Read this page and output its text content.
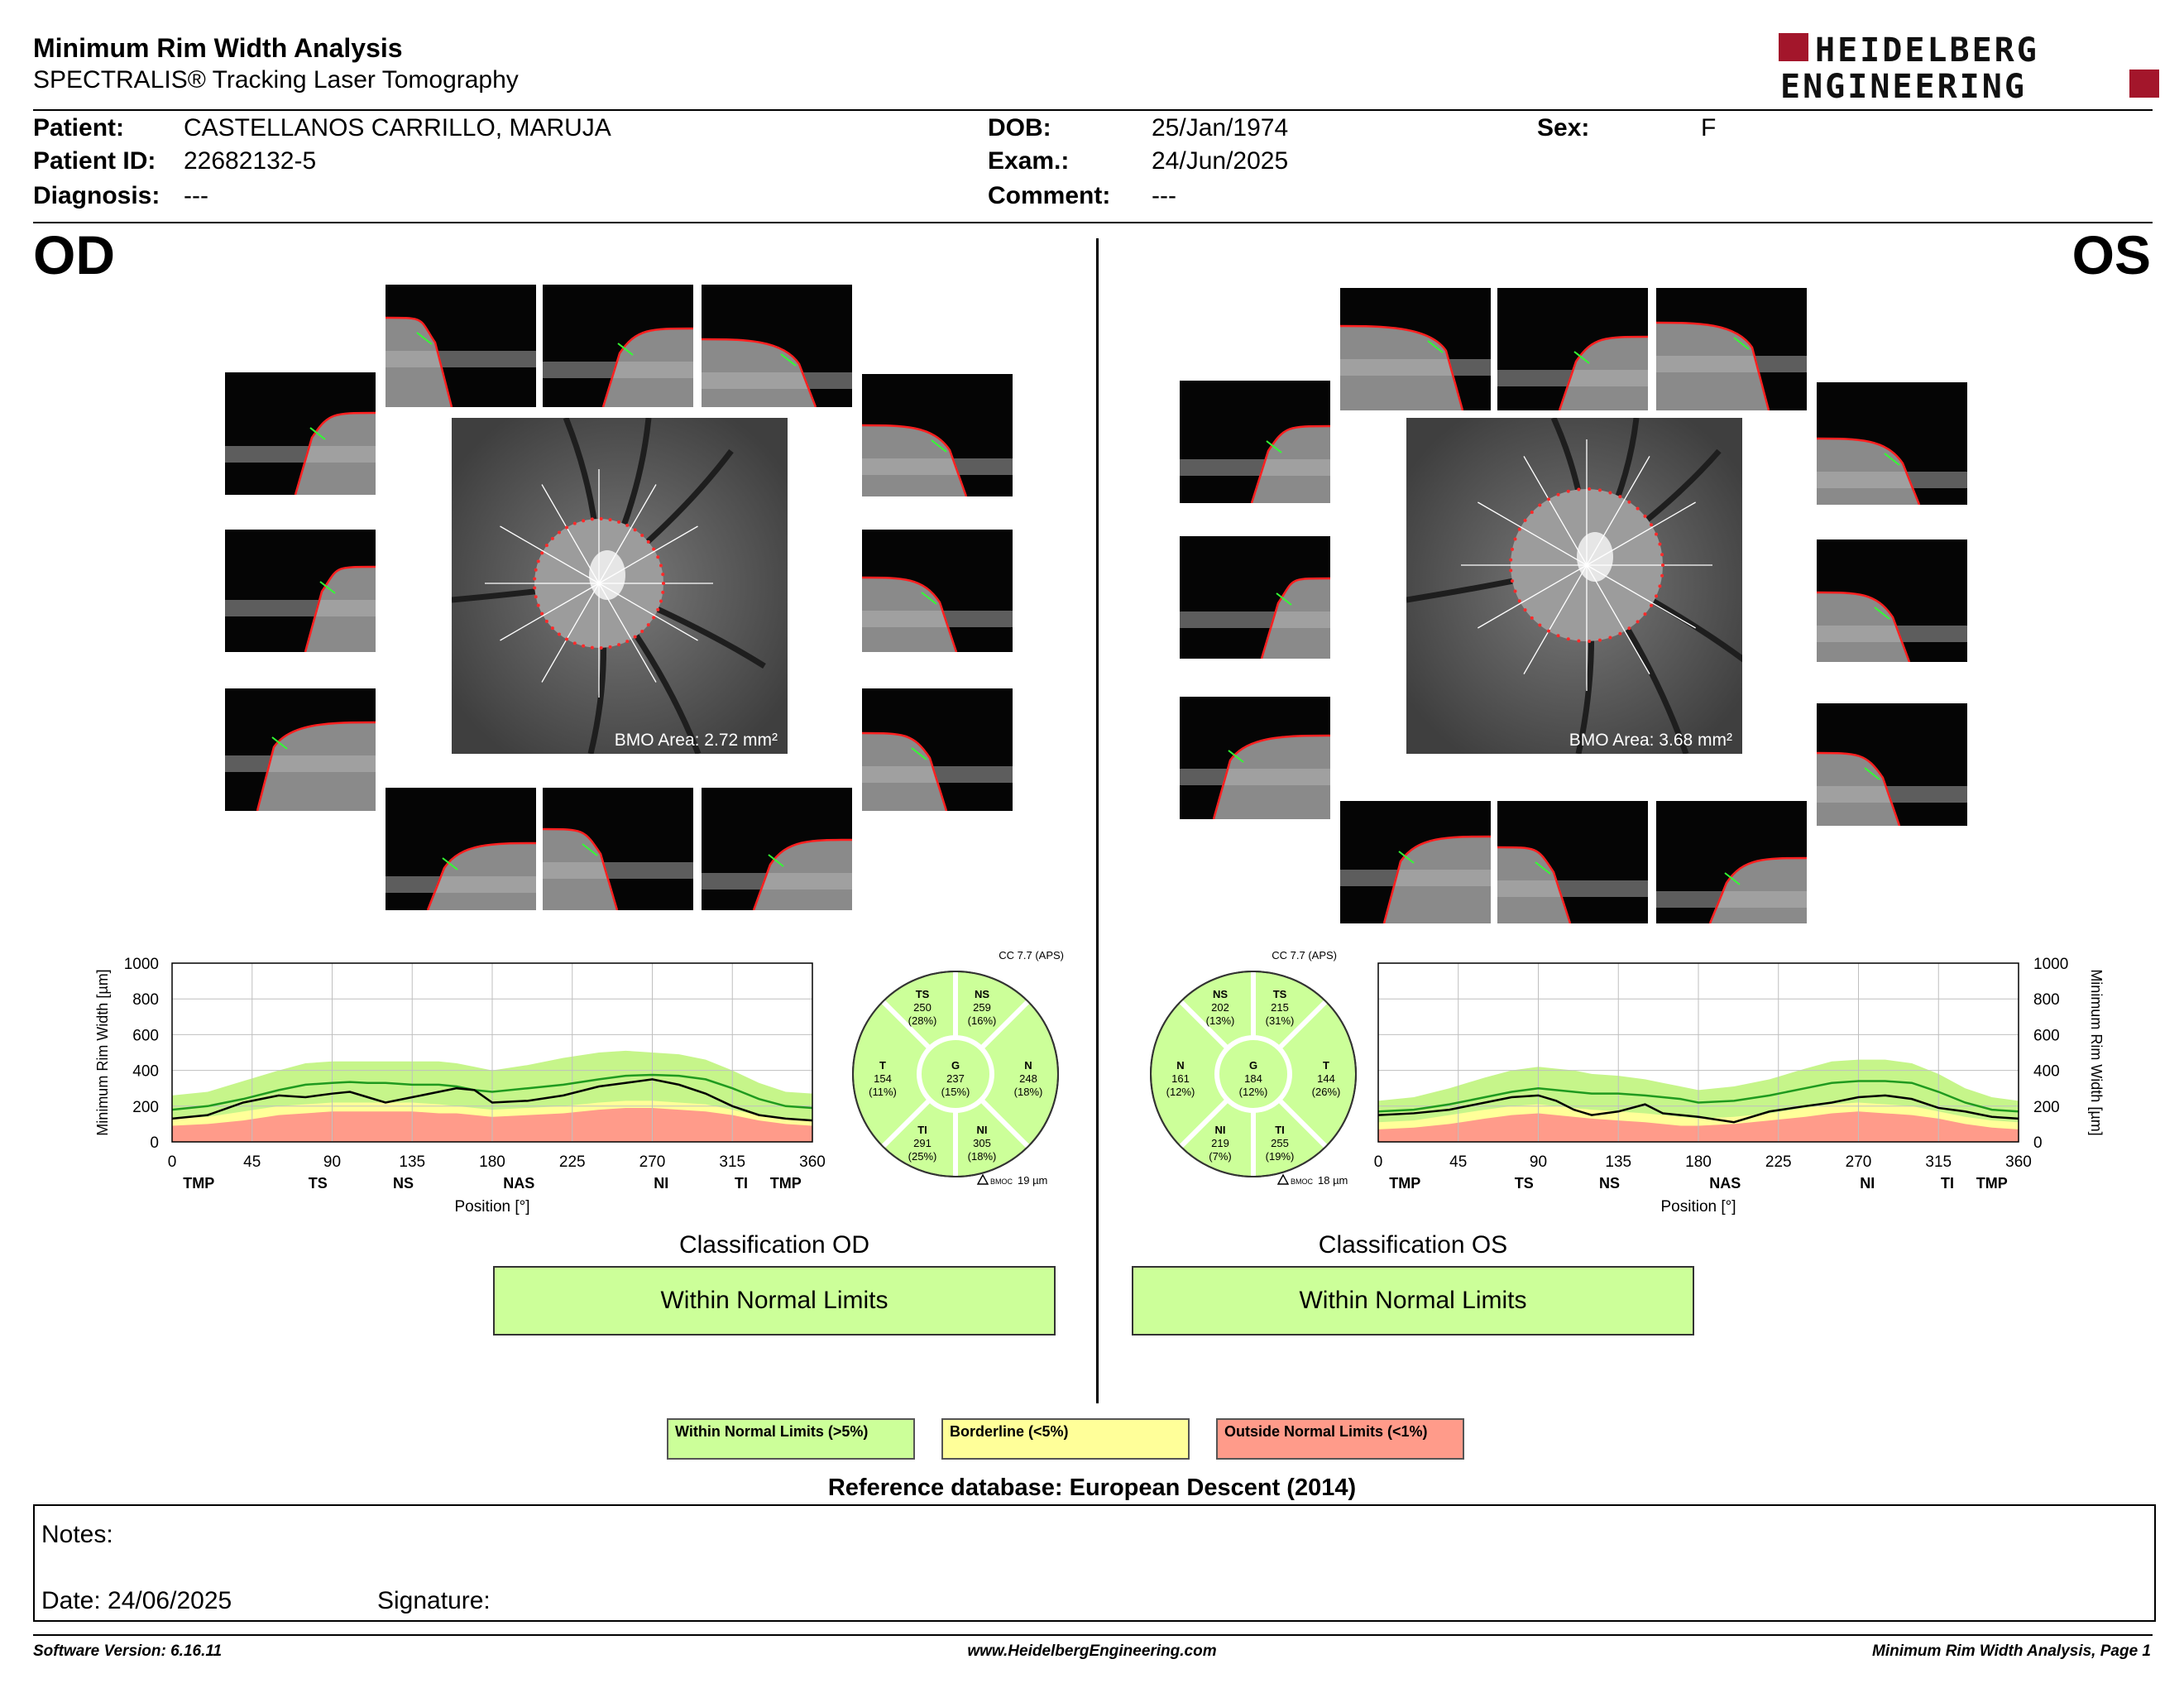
Minimum Rim Width Analysis
SPECTRALIS® Tracking Laser Tomography
HEIDELBERG
ENGINEERING
Patient: CASTELLANOS CARRILLO, MARUJA
Patient ID: 22682132-5
Diagnosis: ---
DOB:	25/Jan/1974
Exam.:	24/Jun/2025
Comment: ---
Sex:	F
OD	OS
BMO Area: 2.72 mm²	BMO Area: 3.68 mm²
0	45	90	135	180	225	270	315	360
0
200
400
600
800
1000
TMP	TS	NS	NAS	NI	TI TMP
Position [°]
Minimum Rim Width [µm]
0	45	90	135	180	225	270	315	360
0
200
400
600
800
1000
TMP	TS	NS	NAS	NI	TI TMP
Position [°]
Minimum Rim Width [µm]
TS
250
(28%)
NS
259
(16%)
T
154
(11%)
G
237
(15%)
N
248
(18%)
TI
291
(25%)
NI
305
(18%)
CC 7.7 (APS)
BMOC 19 µm
NS
202
(13%)
TS
215
(31%)
N
161
(12%)
G
184
(12%)
T
144
(26%)
NI
219
(7%)
TI
255
(19%)
CC 7.7 (APS)
BMOC 18 µm
Classification OD
Within Normal Limits
Classification OS
Within Normal Limits
Within Normal Limits (>5%)	Borderline (<5%)	Outside Normal Limits (<1%)
Reference database: European Descent (2014)
Notes:
Date: 24/06/2025	Signature:
Software Version: 6.16.11	www.HeidelbergEngineering.com	Minimum Rim Width Analysis, Page 1
